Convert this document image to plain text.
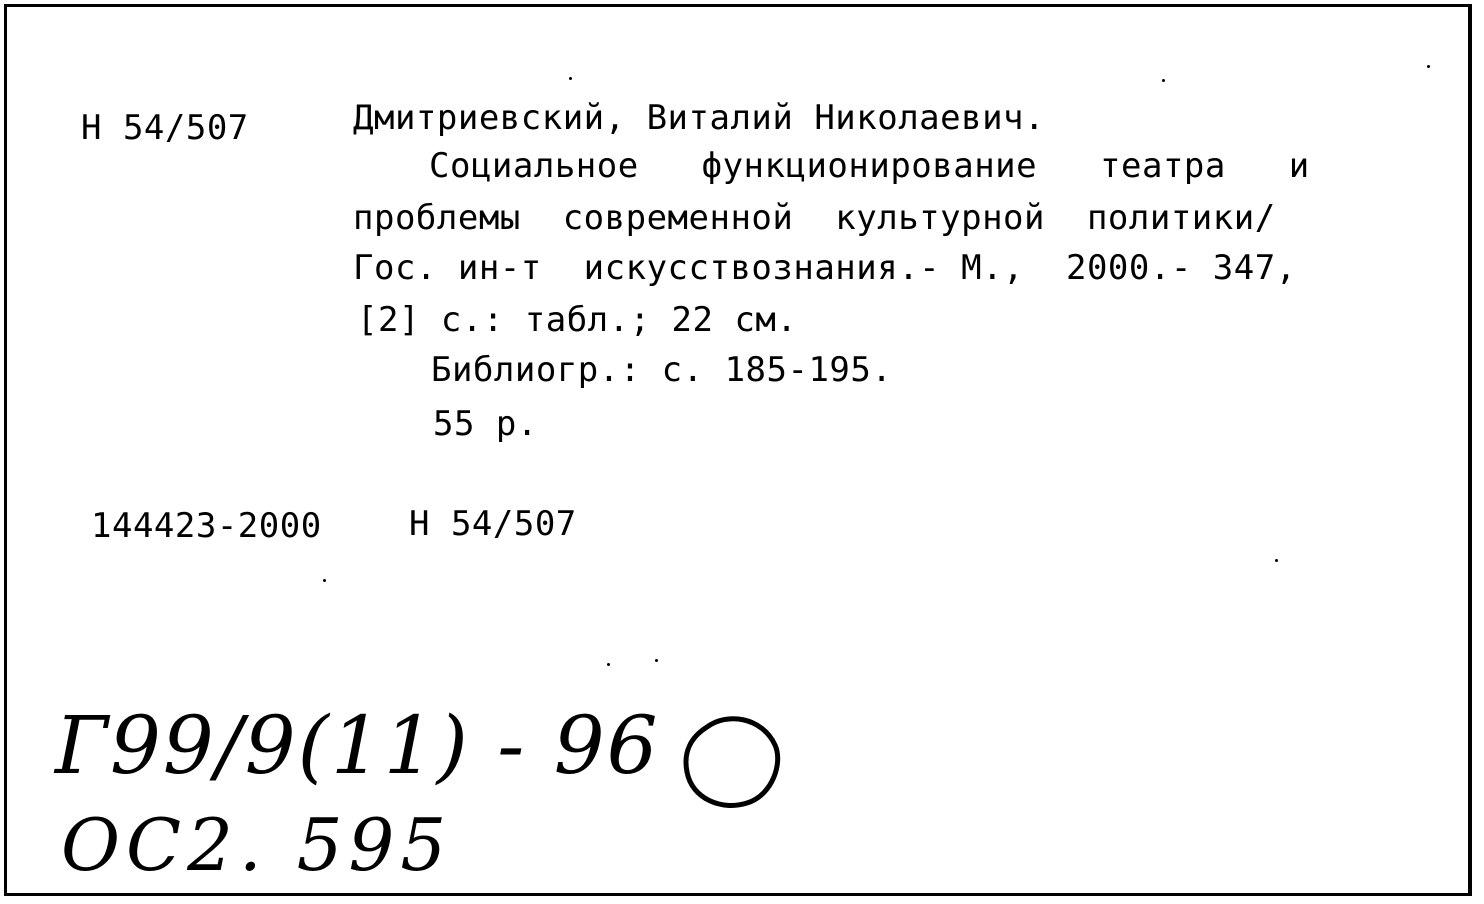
Н 54/507	Дмитриевский, Виталий Николаевич.
Социальное   функционирование   театра   и
проблемы  современной  культурной  политики/
Гос. ин-т  искусствознания.- М.,  2000.- 347,
[2] с.: табл.; 22 см.
Библиогр.: с. 185-195.
55 р.
144423-2000	Н 54/507
Г99/9(11) - 96
ОС2. 595
